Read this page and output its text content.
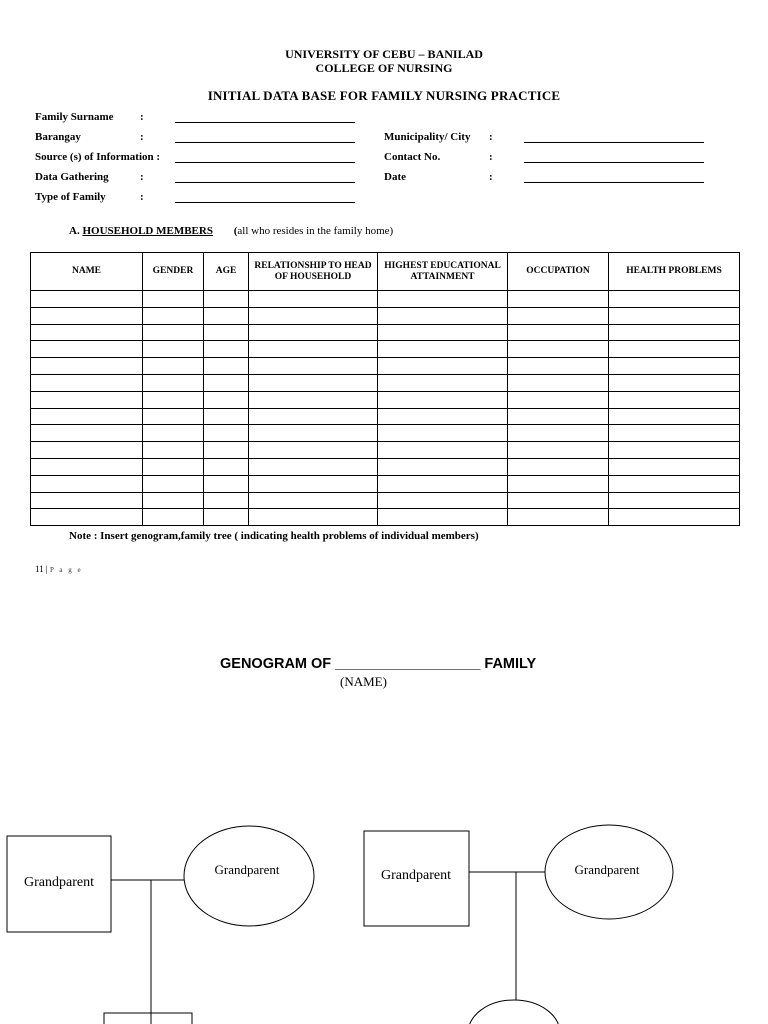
UNIVERSITY OF CEBU – BANILAD
COLLEGE OF NURSING
INITIAL DATA BASE FOR FAMILY NURSING PRACTICE
Family Surname :
Barangay	:
Source (s) of Information :
Data Gathering	:
Type of Family	:
Municipality/ City :
Contact No.	:
Date	:
A. HOUSEHOLD MEMBERS (all who resides in the family home)
NAME	GENDER	AGE	RELATIONSHIP TO HEAD OF HOUSEHOLD	HIGHEST EDUCATIONAL ATTAINMENT	OCCUPATION	HEALTH PROBLEMS

Note : Insert genogram,family tree ( indicating health problems of individual members)
11 | P a g e
GENOGRAM OF __________________ FAMILY
(NAME)
Grandparent
Grandparent	Grandparent	Grandparent
